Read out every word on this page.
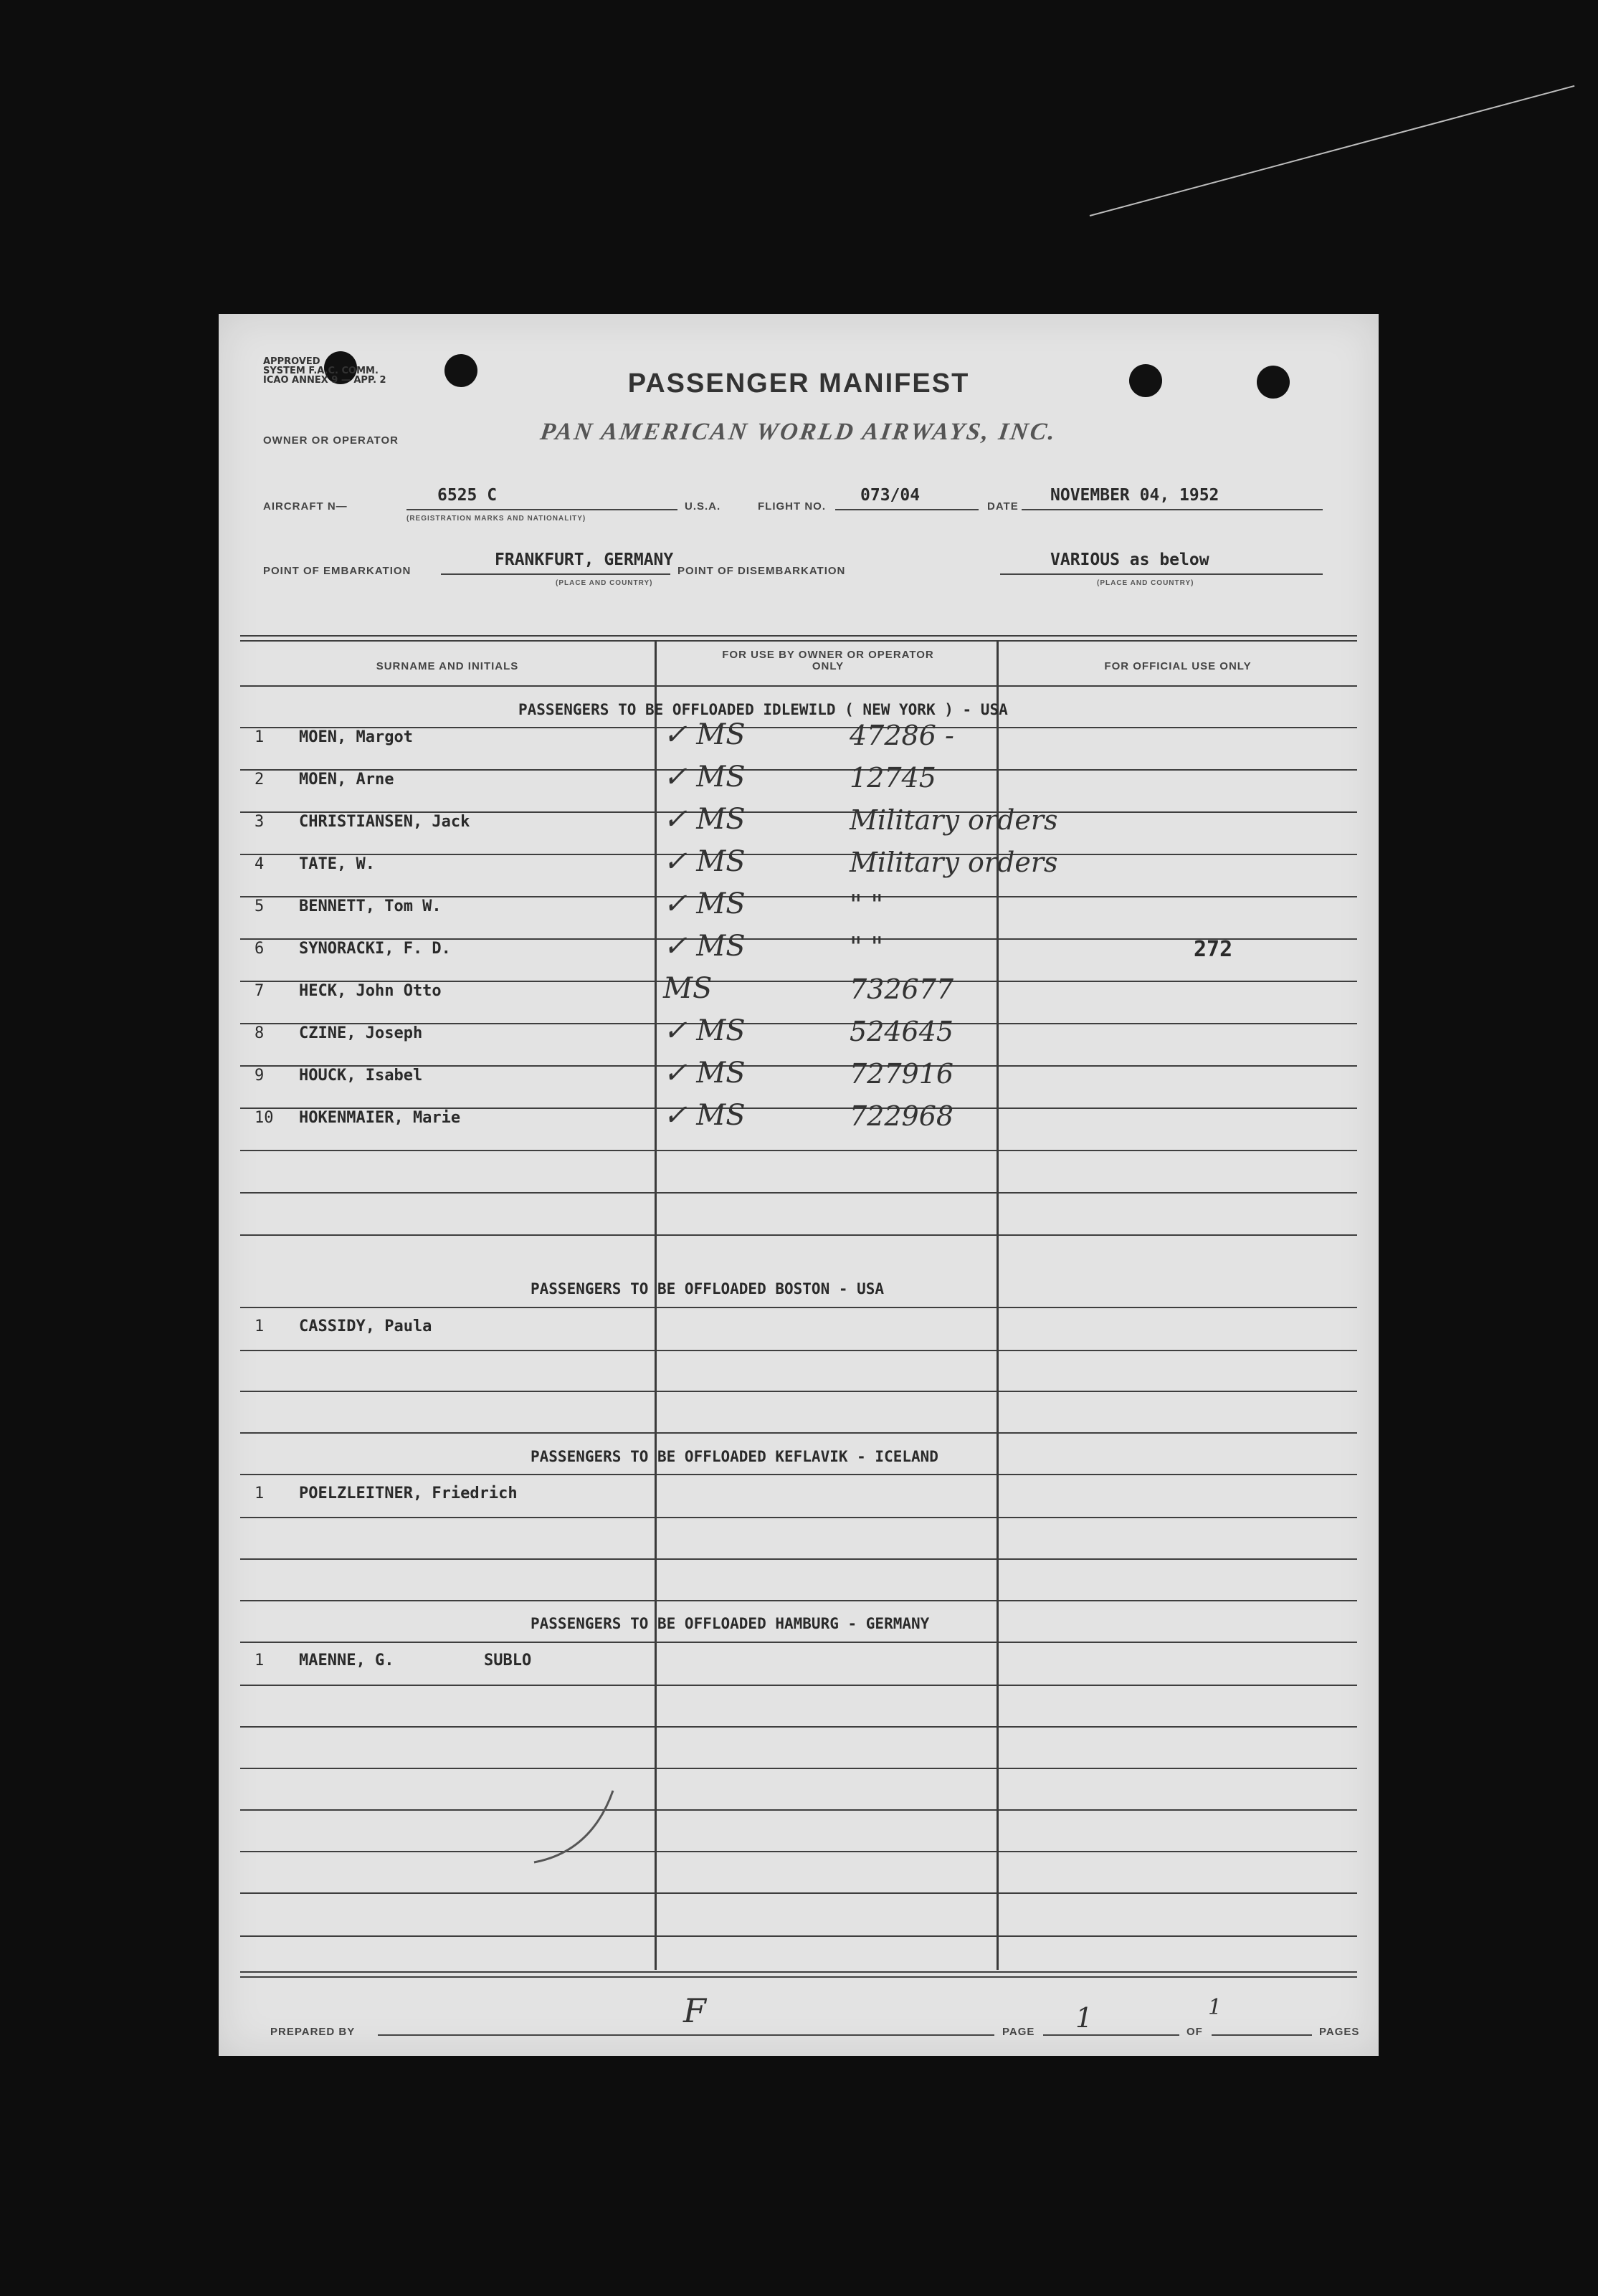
APPROVED
SYSTEM F.A.C. COMM.
ICAO ANNEX 9 — APP. 2	PASSENGER MANIFEST
PAN AMERICAN WORLD AIRWAYS, INC.
OWNER OR OPERATOR
AIRCRAFT N—
6525 C
(REGISTRATION MARKS AND NATIONALITY)
U.S.A.	FLIGHT NO.
073/04
DATE
NOVEMBER 04, 1952
POINT OF EMBARKATION
FRANKFURT, GERMANY
(PLACE AND COUNTRY)
POINT OF DISEMBARKATION
VARIOUS as below
(PLACE AND COUNTRY)
SURNAME AND INITIALS
FOR USE BY OWNER OR OPERATOR ONLY	FOR OFFICIAL USE ONLY
PASSENGERS TO BE OFFLOADED IDLEWILD ( NEW YORK ) - USA
1 MOEN, Margot	✓ MS	47286 -
2 MOEN, Arne	✓ MS	12745
3 CHRISTIANSEN, Jack	✓ MS	Military orders
4 TATE, W.	✓ MS	Military orders
5 BENNETT, Tom W.	✓ MS	" "
6 SYNORACKI, F. D.	✓ MS	" "	272
7 HECK, John Otto	MS	732677
8 CZINE, Joseph	✓ MS	524645
9 HOUCK, Isabel	✓ MS	727916
10 HOKENMAIER, Marie	✓ MS	722968
PASSENGERS TO BE OFFLOADED BOSTON - USA
1 CASSIDY, Paula
PASSENGERS TO BE OFFLOADED KEFLAVIK - ICELAND
1 POELZLEITNER, Friedrich
PASSENGERS TO BE OFFLOADED HAMBURG - GERMANY
1 MAENNE, G.	SUBLO
PREPARED BY
F
PAGE 1	OF
1
PAGES
